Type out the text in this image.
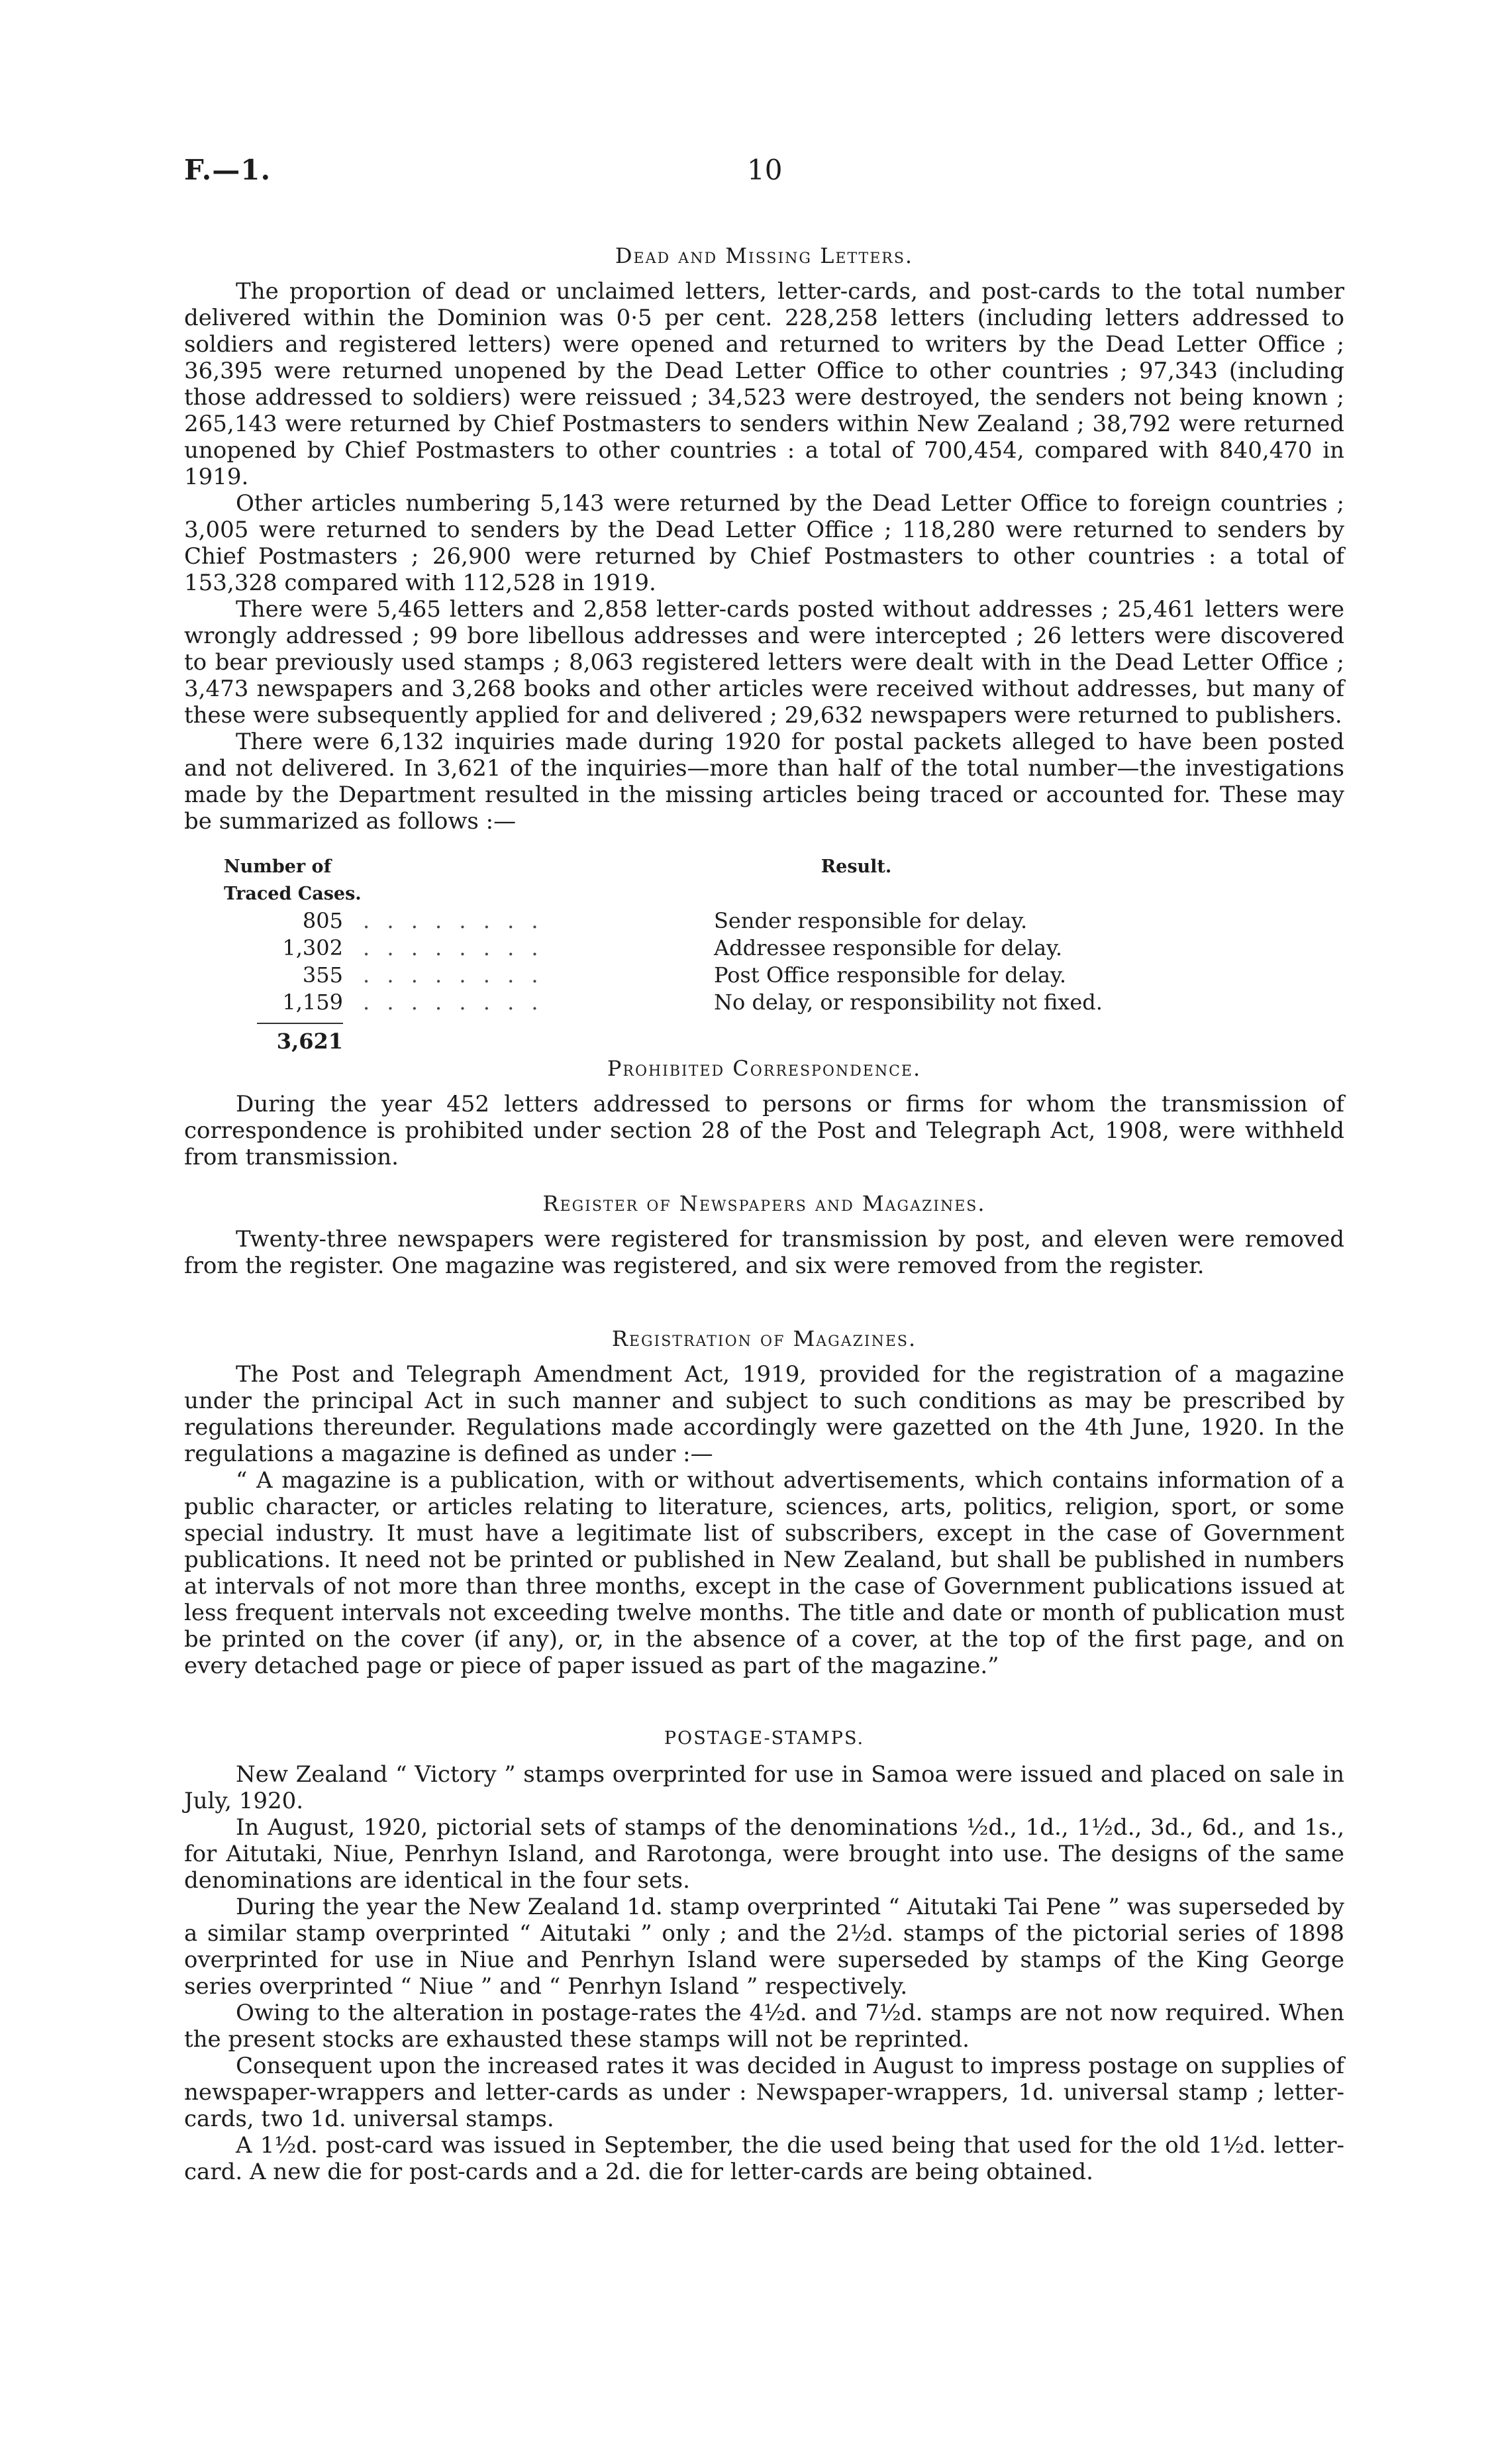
F.—1.	10
Dead and Missing Letters.

The proportion of dead or unclaimed letters, letter-cards, and post-cards to the total number delivered within the Dominion was 0·5 per cent. 228,258 letters (including letters addressed to soldiers and registered letters) were opened and returned to writers by the Dead Letter Office ; 36,395 were returned unopened by the Dead Letter Office to other countries ; 97,343 (including those addressed to soldiers) were reissued ; 34,523 were destroyed, the senders not being known ; 265,143 were returned by Chief Postmasters to senders within New Zealand ; 38,792 were returned unopened by Chief Postmasters to other countries : a total of 700,454, compared with 840,470 in 1919.

Other articles numbering 5,143 were returned by the Dead Letter Office to foreign countries ; 3,005 were returned to senders by the Dead Letter Office ; 118,280 were returned to senders by Chief Postmasters ; 26,900 were returned by Chief Postmasters to other countries : a total of 153,328 compared with 112,528 in 1919.

There were 5,465 letters and 2,858 letter-cards posted without addresses ; 25,461 letters were wrongly addressed ; 99 bore libellous addresses and were intercepted ; 26 letters were discovered to bear previously used stamps ; 8,063 registered letters were dealt with in the Dead Letter Office ; 3,473 newspapers and 3,268 books and other articles were received without addresses, but many of these were subsequently applied for and delivered ; 29,632 newspapers were returned to publishers.

There were 6,132 inquiries made during 1920 for postal packets alleged to have been posted and not delivered. In 3,621 of the inquiries—more than half of the total number—the investigations made by the Department resulted in the missing articles being traced or accounted for. These may be summarized as follows :—

Number of Traced Cases.
Result.
805 . . . . . . . .	Sender responsible for delay.
1,302 . . . . . . . .	Addressee responsible for delay.
355 . . . . . . . .	Post Office responsible for delay.
1,159 . . . . . . . .	No delay, or responsibility not fixed.
3,621
Prohibited Correspondence.

During the year 452 letters addressed to persons or firms for whom the transmission of correspondence is prohibited under section 28 of the Post and Telegraph Act, 1908, were withheld from transmission.

Register of Newspapers and Magazines.

Twenty-three newspapers were registered for transmission by post, and eleven were removed from the register. One magazine was registered, and six were removed from the register.

Registration of Magazines.

The Post and Telegraph Amendment Act, 1919, provided for the registration of a magazine under the principal Act in such manner and subject to such conditions as may be prescribed by regulations thereunder. Regulations made accordingly were gazetted on the 4th June, 1920. In the regulations a magazine is defined as under :—

“ A magazine is a publication, with or without advertisements, which contains information of a public character, or articles relating to literature, sciences, arts, politics, religion, sport, or some special industry. It must have a legitimate list of subscribers, except in the case of Government publications. It need not be printed or published in New Zealand, but shall be published in numbers at intervals of not more than three months, except in the case of Government publications issued at less frequent intervals not exceeding twelve months. The title and date or month of publication must be printed on the cover (if any), or, in the absence of a cover, at the top of the first page, and on every detached page or piece of paper issued as part of the magazine.”

POSTAGE-STAMPS.

New Zealand “ Victory ” stamps overprinted for use in Samoa were issued and placed on sale in July, 1920.

In August, 1920, pictorial sets of stamps of the denominations ½d., 1d., 1½d., 3d., 6d., and 1s., for Aitutaki, Niue, Penrhyn Island, and Rarotonga, were brought into use. The designs of the same denominations are identical in the four sets.

During the year the New Zealand 1d. stamp overprinted “ Aitutaki Tai Pene ” was superseded by a similar stamp overprinted “ Aitutaki ” only ; and the 2½d. stamps of the pictorial series of 1898 overprinted for use in Niue and Penrhyn Island were superseded by stamps of the King George series overprinted “ Niue ” and “ Penrhyn Island ” respectively.

Owing to the alteration in postage-rates the 4½d. and 7½d. stamps are not now required. When the present stocks are exhausted these stamps will not be reprinted.

Consequent upon the increased rates it was decided in August to impress postage on supplies of newspaper-wrappers and letter-cards as under : Newspaper-wrappers, 1d. universal stamp ; letter-cards, two 1d. universal stamps.

A 1½d. post-card was issued in September, the die used being that used for the old 1½d. letter-card. A new die for post-cards and a 2d. die for letter-cards are being obtained.
